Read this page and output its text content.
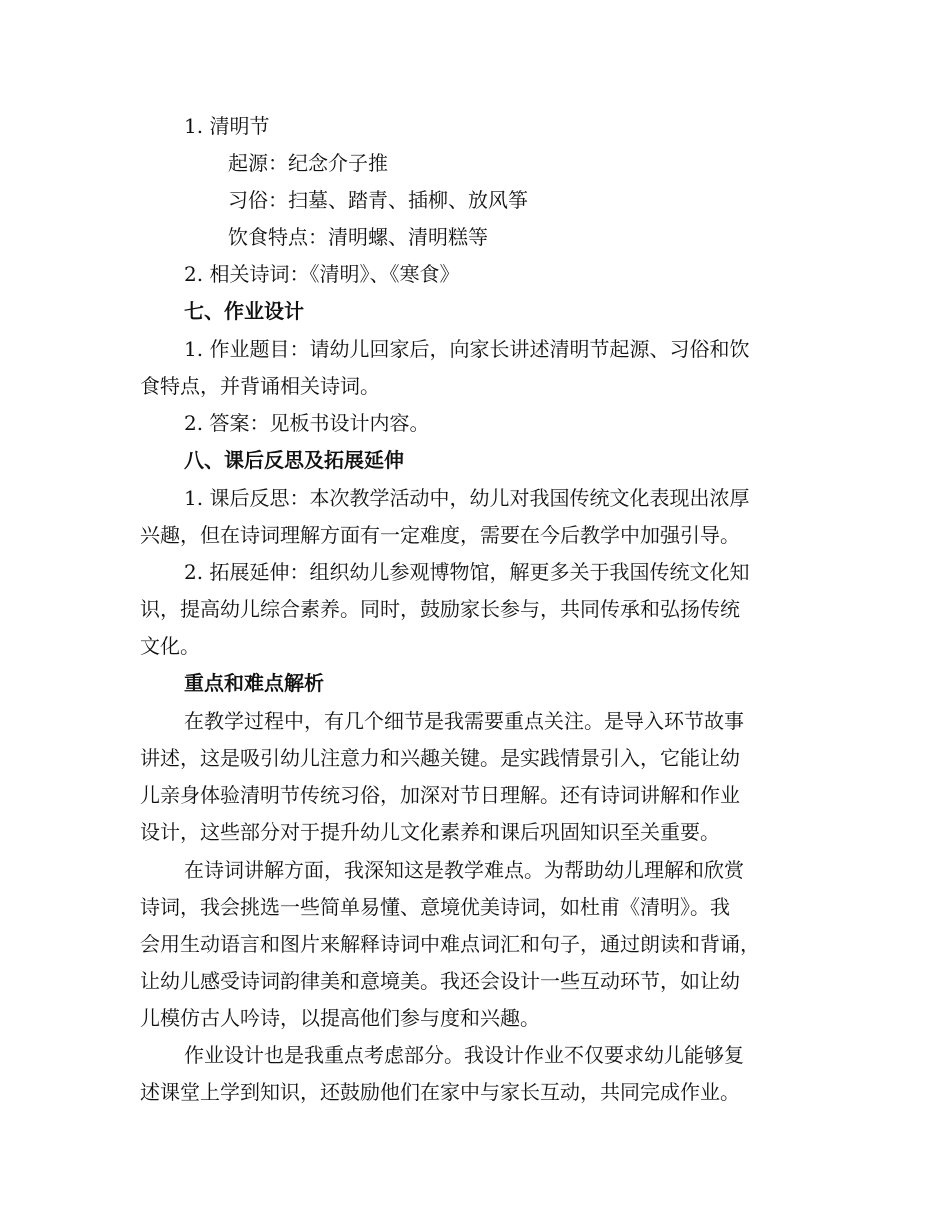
1. 清明节
起源：纪念介子推
习俗：扫墓、踏青、插柳、放风筝
饮食特点：清明螺、清明糕等
2. 相关诗词：《清明》、《寒食》
七、作业设计
1. 作业题目：请幼儿回家后，向家长讲述清明节起源、习俗和饮
食特点，并背诵相关诗词。
2. 答案：见板书设计内容。
八、课后反思及拓展延伸
1. 课后反思：本次教学活动中，幼儿对我国传统文化表现出浓厚
兴趣，但在诗词理解方面有一定难度，需要在今后教学中加强引导。
2. 拓展延伸：组织幼儿参观博物馆，解更多关于我国传统文化知
识，提高幼儿综合素养。同时，鼓励家长参与，共同传承和弘扬传统
文化。
重点和难点解析
在教学过程中，有几个细节是我需要重点关注。是导入环节故事
讲述，这是吸引幼儿注意力和兴趣关键。是实践情景引入，它能让幼
儿亲身体验清明节传统习俗，加深对节日理解。还有诗词讲解和作业
设计，这些部分对于提升幼儿文化素养和课后巩固知识至关重要。
在诗词讲解方面，我深知这是教学难点。为帮助幼儿理解和欣赏
诗词，我会挑选一些简单易懂、意境优美诗词，如杜甫《清明》。我
会用生动语言和图片来解释诗词中难点词汇和句子，通过朗读和背诵，
让幼儿感受诗词韵律美和意境美。我还会设计一些互动环节，如让幼
儿模仿古人吟诗，以提高他们参与度和兴趣。
作业设计也是我重点考虑部分。我设计作业不仅要求幼儿能够复
述课堂上学到知识，还鼓励他们在家中与家长互动，共同完成作业。
